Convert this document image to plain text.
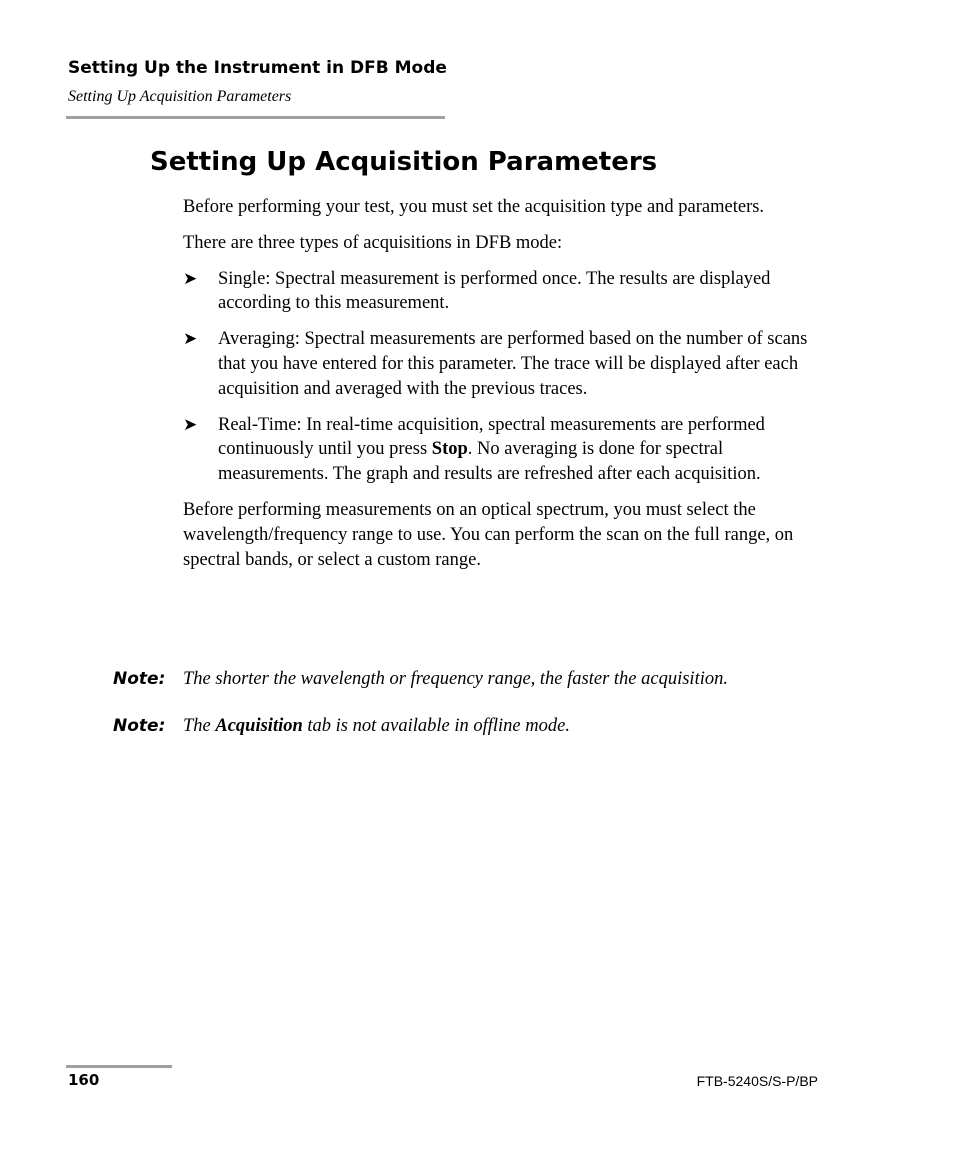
Setting Up the Instrument in DFB Mode
Setting Up Acquisition Parameters
Setting Up Acquisition Parameters

Before performing your test, you must set the acquisition type and parameters.

There are three types of acquisitions in DFB mode:

➤ Single: Spectral measurement is performed once. The results are displayed according to this measurement.
➤ Averaging: Spectral measurements are performed based on the number of scans that you have entered for this parameter. The trace will be displayed after each acquisition and averaged with the previous traces.
➤ Real-Time: In real-time acquisition, spectral measurements are performed continuously until you press Stop. No averaging is done for spectral measurements. The graph and results are refreshed after each acquisition.

Before performing measurements on an optical spectrum, you must select the wavelength/frequency range to use. You can perform the scan on the full range, on spectral bands, or select a custom range.

Note: The shorter the wavelength or frequency range, the faster the acquisition.
Note: The Acquisition tab is not available in offline mode.
160	FTB-5240S/S-P/BP
